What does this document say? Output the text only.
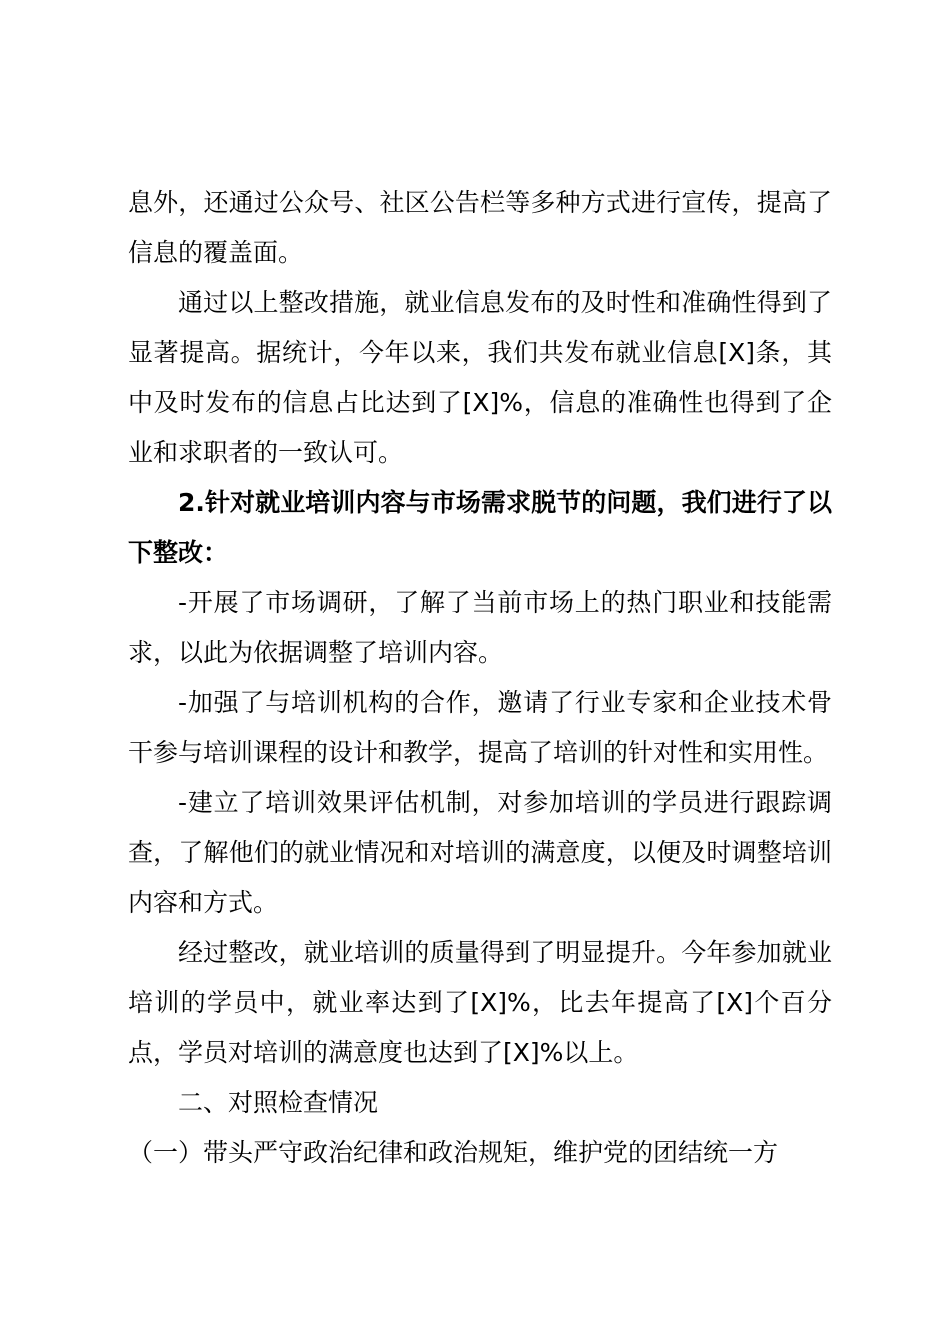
息外，还通过公众号、社区公告栏等多种方式进行宣传，提高了信息的覆盖面。

通过以上整改措施，就业信息发布的及时性和准确性得到了显著提高。据统计，今年以来，我们共发布就业信息[X]条，其中及时发布的信息占比达到了[X]%，信息的准确性也得到了企业和求职者的一致认可。

2.针对就业培训内容与市场需求脱节的问题，我们进行了以下整改：

-开展了市场调研，了解了当前市场上的热门职业和技能需求，以此为依据调整了培训内容。

-加强了与培训机构的合作，邀请了行业专家和企业技术骨干参与培训课程的设计和教学，提高了培训的针对性和实用性。

-建立了培训效果评估机制，对参加培训的学员进行跟踪调查，了解他们的就业情况和对培训的满意度，以便及时调整培训内容和方式。

经过整改，就业培训的质量得到了明显提升。今年参加就业培训的学员中，就业率达到了[X]%，比去年提高了[X]个百分点，学员对培训的满意度也达到了[X]%以上。

二、对照检查情况

（一）带头严守政治纪律和政治规矩，维护党的团结统一方
